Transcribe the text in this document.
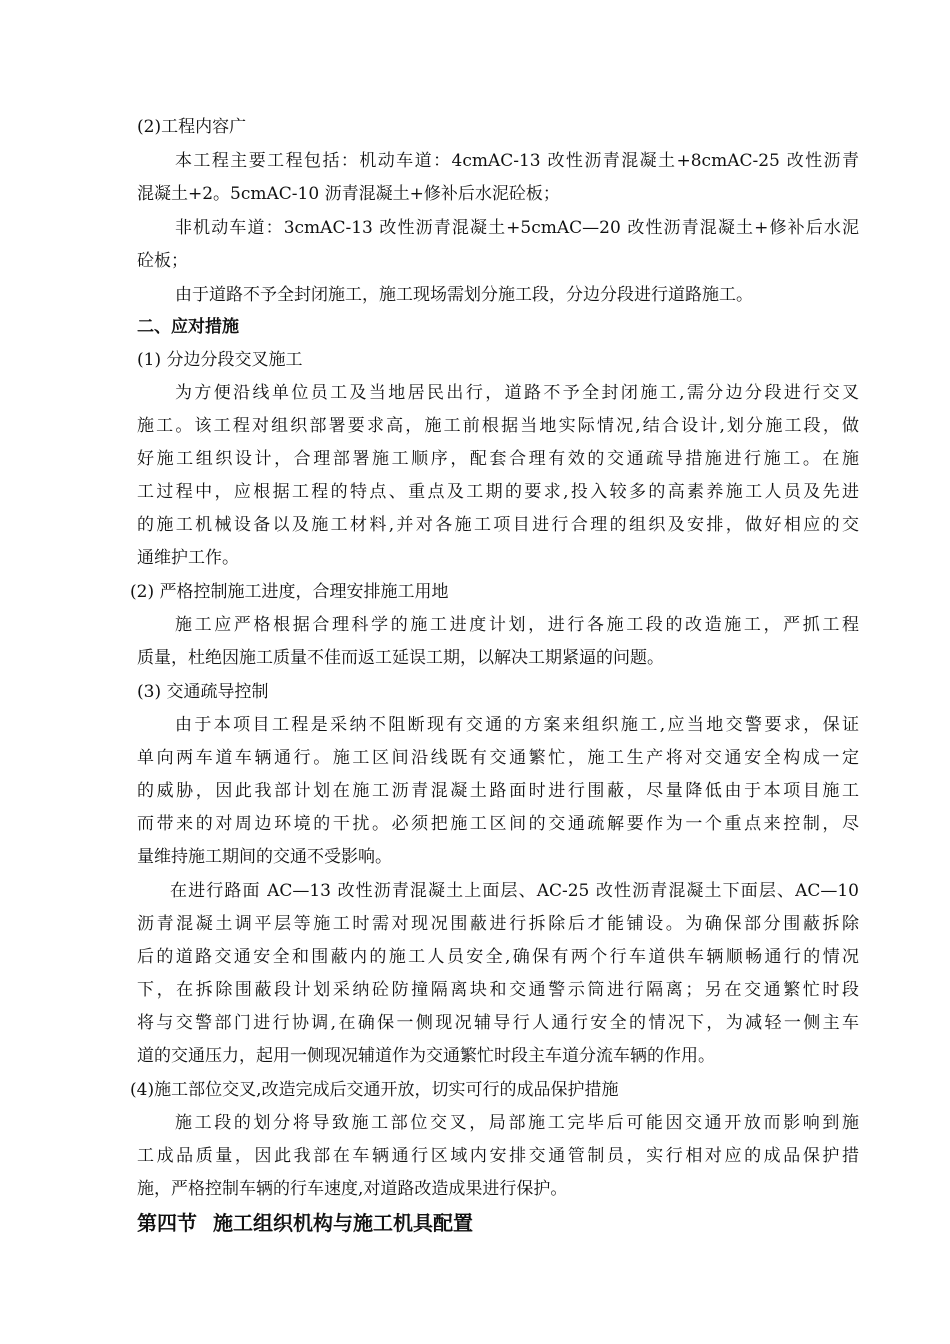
(2)工程内容广
本工程主要工程包括：机动车道：4cmAC-13 改性沥青混凝土+8cmAC-25 改性沥青
混凝土+2。5cmAC-10 沥青混凝土+修补后水泥砼板；
非机动车道：3cmAC-13 改性沥青混凝土+5cmAC—20 改性沥青混凝土+修补后水泥
砼板；
由于道路不予全封闭施工，施工现场需划分施工段，分边分段进行道路施工。
二、应对措施
(1) 分边分段交叉施工
为方便沿线单位员工及当地居民出行，道路不予全封闭施工,需分边分段进行交叉
施工。该工程对组织部署要求高，施工前根据当地实际情况,结合设计,划分施工段，做
好施工组织设计，合理部署施工顺序，配套合理有效的交通疏导措施进行施工。在施
工过程中，应根据工程的特点、重点及工期的要求,投入较多的高素养施工人员及先进
的施工机械设备以及施工材料,并对各施工项目进行合理的组织及安排，做好相应的交
通维护工作。
(2) 严格控制施工进度，合理安排施工用地
施工应严格根据合理科学的施工进度计划，进行各施工段的改造施工，严抓工程
质量，杜绝因施工质量不佳而返工延误工期，以解决工期紧逼的问题。
(3) 交通疏导控制
由于本项目工程是采纳不阻断现有交通的方案来组织施工,应当地交警要求，保证
单向两车道车辆通行。施工区间沿线既有交通繁忙，施工生产将对交通安全构成一定
的威胁，因此我部计划在施工沥青混凝土路面时进行围蔽，尽量降低由于本项目施工
而带来的对周边环境的干扰。必须把施工区间的交通疏解要作为一个重点来控制，尽
量维持施工期间的交通不受影响。
在进行路面 AC—13 改性沥青混凝土上面层、AC-25 改性沥青混凝土下面层、AC—10
沥青混凝土调平层等施工时需对现况围蔽进行拆除后才能铺设。为确保部分围蔽拆除
后的道路交通安全和围蔽内的施工人员安全,确保有两个行车道供车辆顺畅通行的情况
下，在拆除围蔽段计划采纳砼防撞隔离块和交通警示筒进行隔离；另在交通繁忙时段
将与交警部门进行协调,在确保一侧现况辅导行人通行安全的情况下，为减轻一侧主车
道的交通压力，起用一侧现况辅道作为交通繁忙时段主车道分流车辆的作用。
(4)施工部位交叉,改造完成后交通开放，切实可行的成品保护措施
施工段的划分将导致施工部位交叉，局部施工完毕后可能因交通开放而影响到施
工成品质量，因此我部在车辆通行区域内安排交通管制员，实行相对应的成品保护措
施，严格控制车辆的行车速度,对道路改造成果进行保护。
第四节 施工组织机构与施工机具配置
